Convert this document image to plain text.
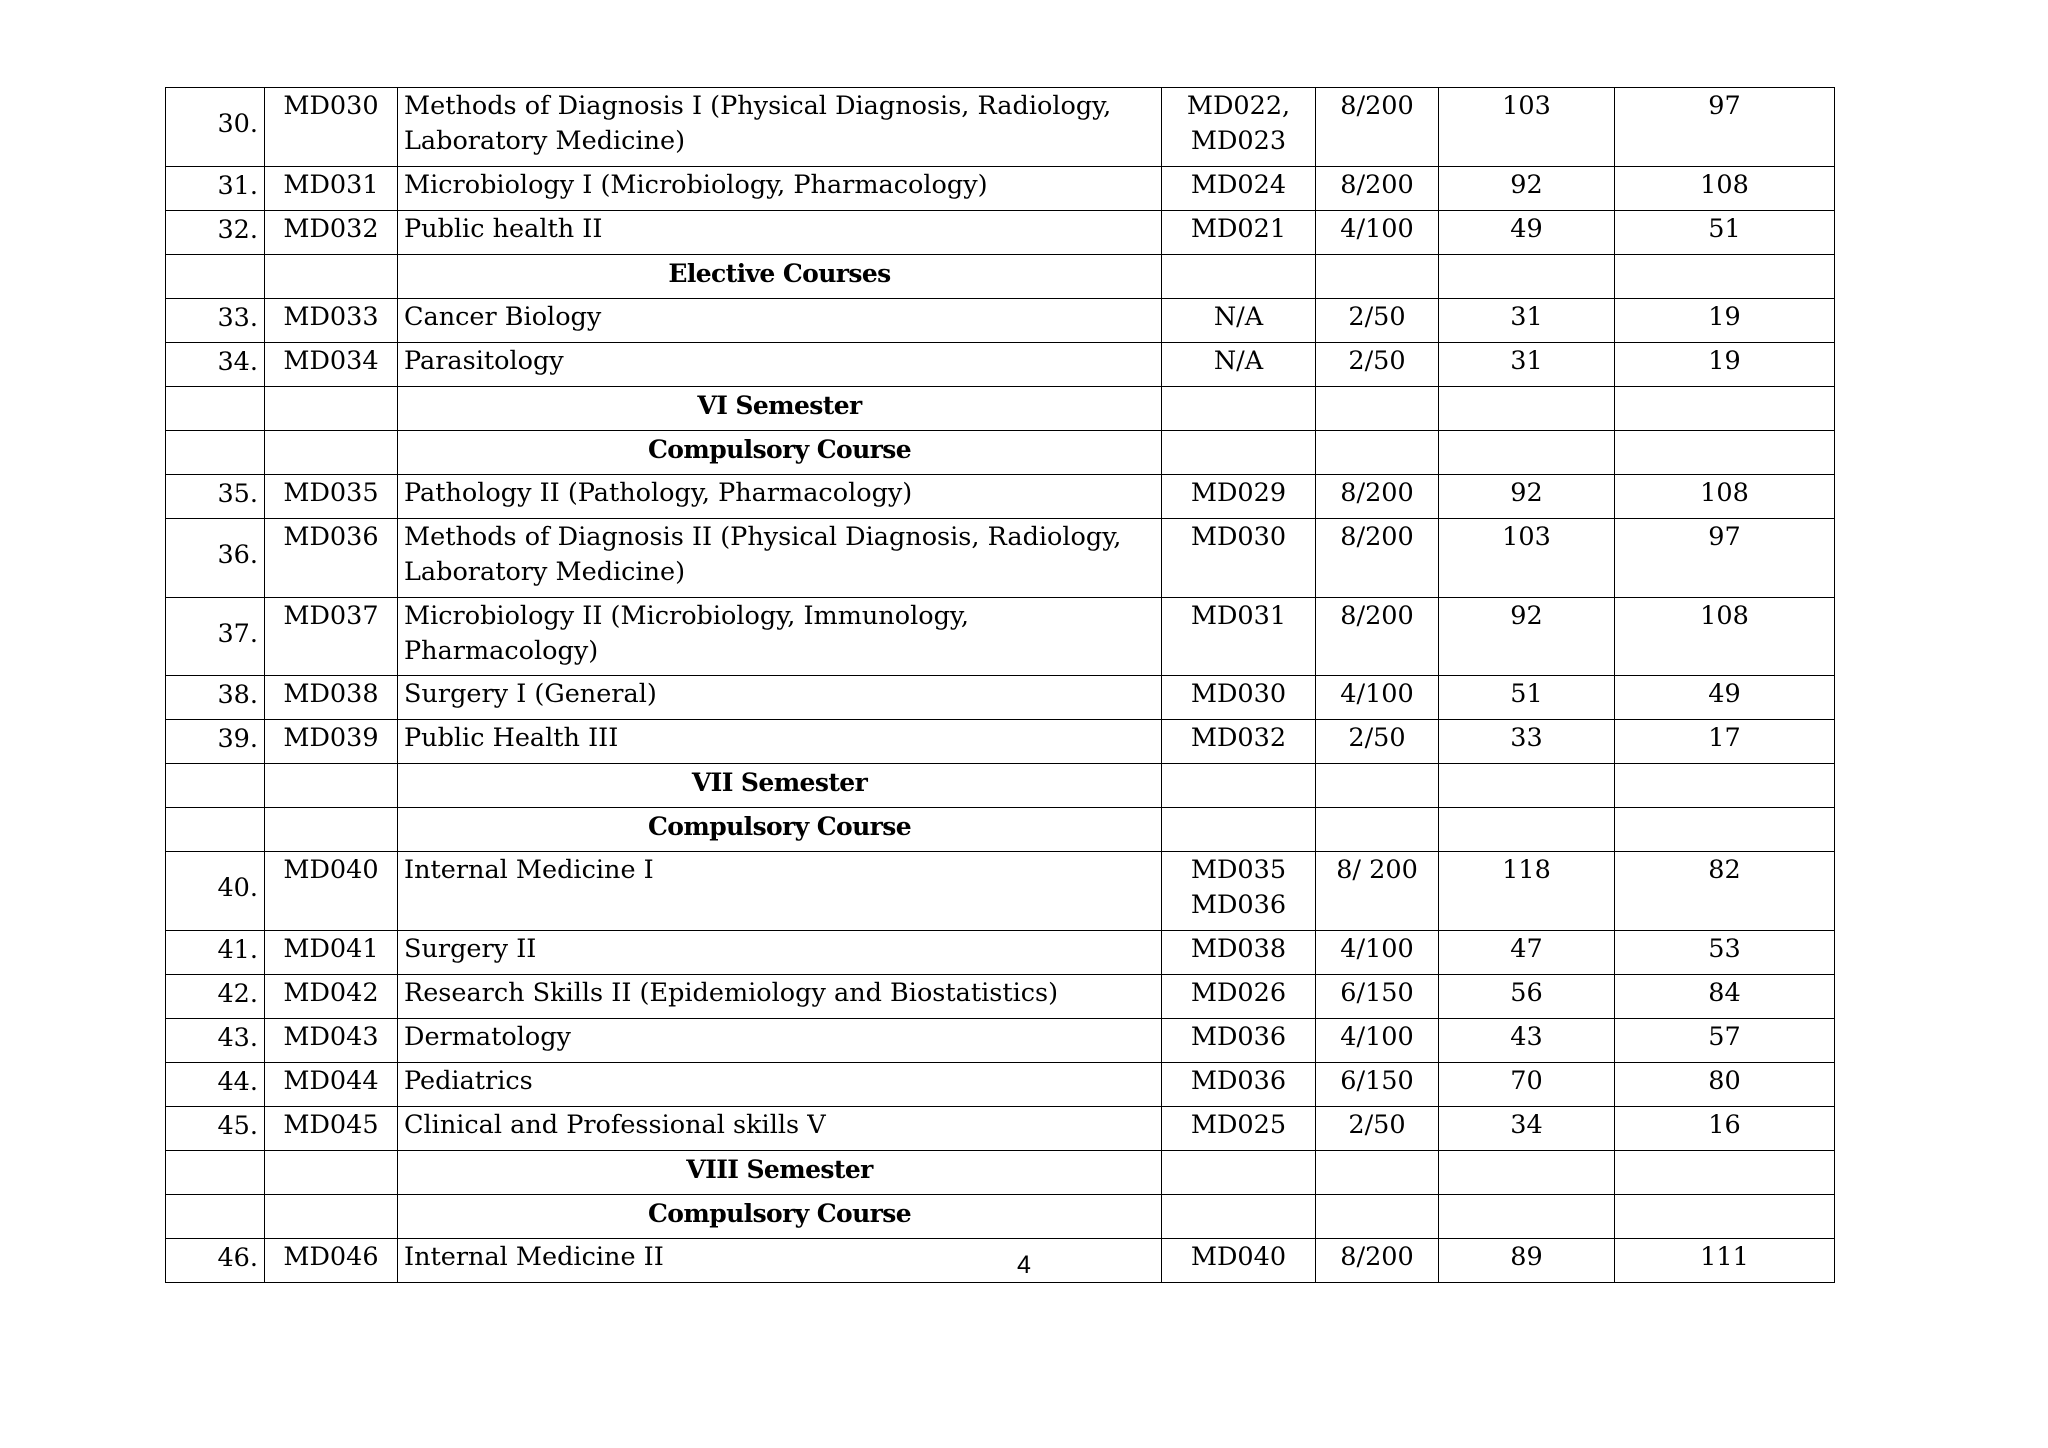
30.	MD030	Methods of Diagnosis I (Physical Diagnosis, Radiology,
Laboratory Medicine)	MD022,
MD023	8/200	103	97
31.	MD031	Microbiology I (Microbiology, Pharmacology)	MD024	8/200	92	108
32.	MD032	Public health II	MD021	4/100	49	51
		Elective Courses				
33.	MD033	Cancer Biology	N/A	2/50	31	19
34.	MD034	Parasitology	N/A	2/50	31	19
		VI Semester				
		Compulsory Course				
35.	MD035	Pathology II (Pathology, Pharmacology)	MD029	8/200	92	108
36.	MD036	Methods of Diagnosis II (Physical Diagnosis, Radiology,
Laboratory Medicine)	MD030	8/200	103	97
37.	MD037	Microbiology II (Microbiology, Immunology, Pharmacology)	MD031	8/200	92	108
38.	MD038	Surgery I (General)	MD030	4/100	51	49
39.	MD039	Public Health III	MD032	2/50	33	17
		VII Semester				
		Compulsory Course				
40.	MD040	Internal Medicine I	MD035
MD036	8/ 200	118	82
41.	MD041	Surgery II	MD038	4/100	47	53
42.	MD042	Research Skills II (Epidemiology and Biostatistics)	MD026	6/150	56	84
43.	MD043	Dermatology	MD036	4/100	43	57
44.	MD044	Pediatrics	MD036	6/150	70	80
45.	MD045	Clinical and Professional skills V	MD025	2/50	34	16
		VIII Semester				
		Compulsory Course				
46.	MD046	Internal Medicine II	MD040	8/200	89	111
4
